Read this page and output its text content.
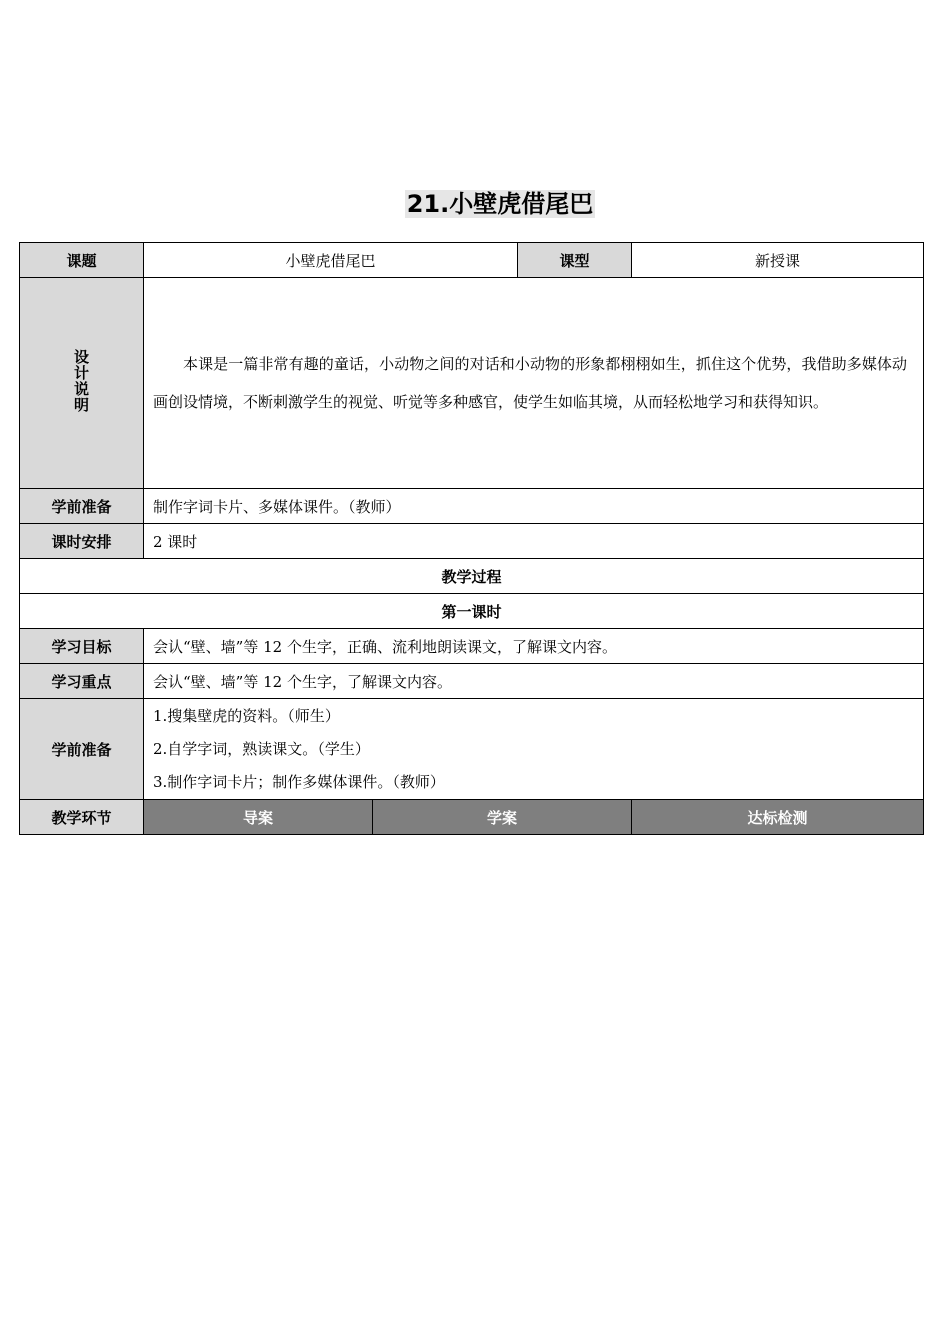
21.小壁虎借尾巴
课题	小壁虎借尾巴		课型	新授课
设计说明	本课是一篇非常有趣的童话，小动物之间的对话和小动物的形象都栩栩如生，抓住这个优势，我借助多媒体动画创设情境，不断刺激学生的视觉、听觉等多种感官，使学生如临其境，从而轻松地学习和获得知识。			
学前准备	制作字词卡片、多媒体课件。（教师）			
课时安排	2 课时			
教学过程				
第一课时				
学习目标	会认“壁、墙”等 12 个生字，正确、流利地朗读课文，了解课文内容。			
学习重点	会认“壁、墙”等 12 个生字，了解课文内容。			
学前准备	1.搜集壁虎的资料。（师生）
2.自学字词，熟读课文。（学生）
3.制作字词卡片；制作多媒体课件。（教师）			

教学环节	导案	学案		达标检测
